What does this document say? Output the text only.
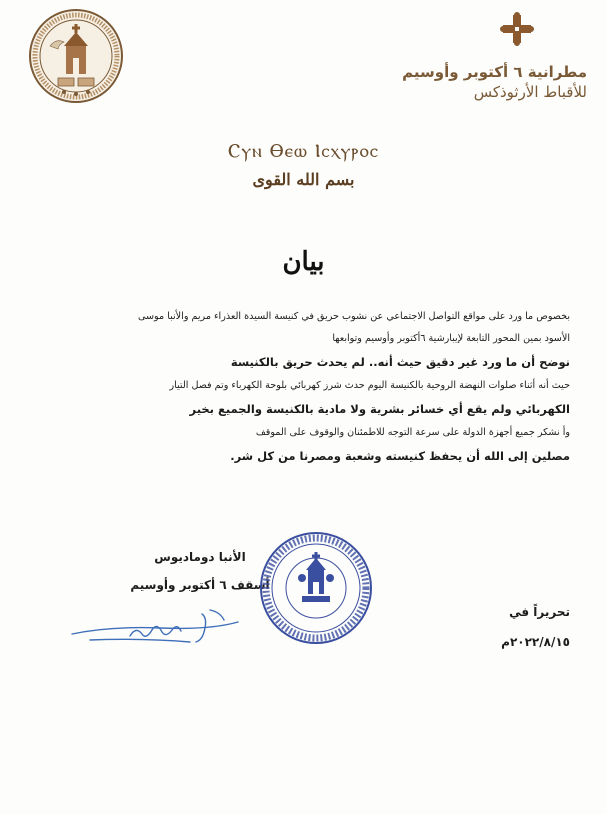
مطرانية ٦ أكتوبر وأوسيم
للأقباط الأرثوذكس
Ⲥⲩⲛ Ⲑⲉⲱ Ⲓⲥⲭⲩⲣⲟⲥ
بسم الله القوى
بيان
بخصوص ما ورد على مواقع التواصل الاجتماعي عن نشوب حريق في كنيسة السيدة العذراء مريم والأنبا موسى
الأسود بمين المحور التابعة لإيبارشية ٦أكتوبر وأوسيم وتوابعها
نوضح أن ما ورد غير دقيق حيث أنه.. لم يحدث حريق بالكنيسة
حيث أنه أثناء صلوات النهضة الروحية بالكنيسة اليوم حدث شرز كهربائي بلوحة الكهرباء وتم فصل التيار
الكهربائي ولم يقع أي خسائر بشرية ولا مادية بالكنيسة والجميع بخير
وأ نشكر جميع أجهزة الدولة على سرعة التوجه للاطمئنان والوقوف على الموقف
مصلين إلى الله أن يحفظ كنيسته وشعبة ومصرنا من كل شر.
الأنبا دوماديوس
أسقف ٦ أكتوبر وأوسيم
تحريراً في
٢٠٢٢/٨/١٥م
